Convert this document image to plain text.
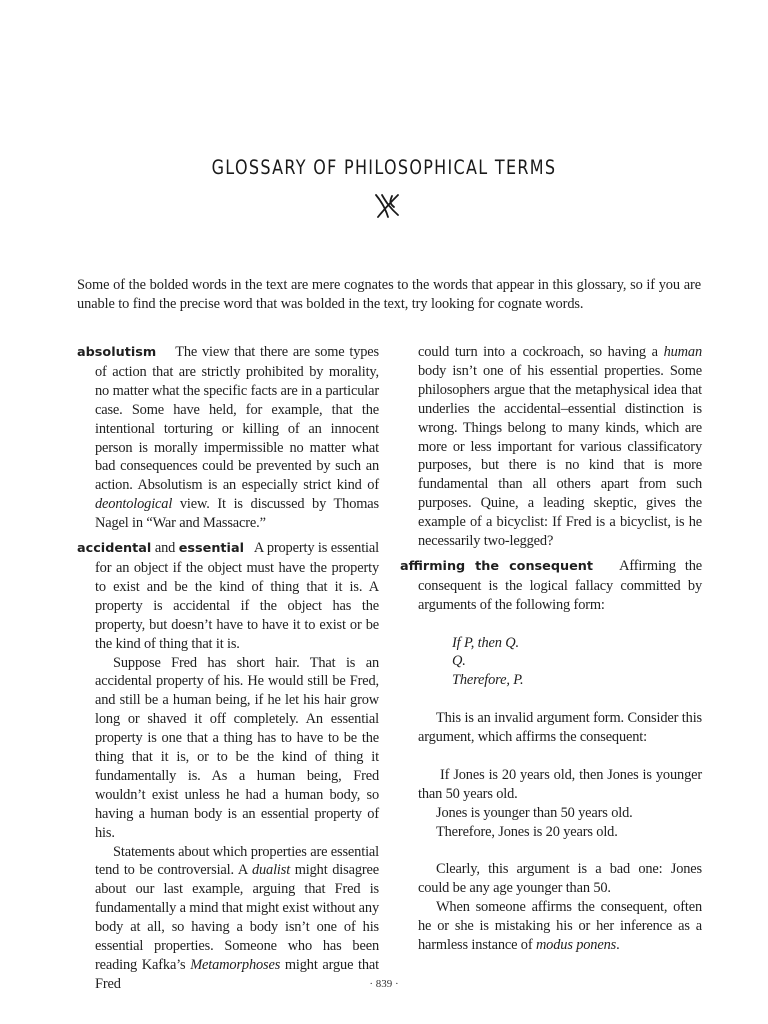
GLOSSARY OF PHILOSOPHICAL TERMS

Some of the bolded words in the text are mere cognates to the words that appear in this glossary, so if you are unable to find the precise word that was bolded in the text, try looking for cognate words.

absolutism The view that there are some types of action that are strictly prohibited by morality, no matter what the specific facts are in a particular case. Some have held, for example, that the intentional torturing or killing of an innocent person is morally impermissible no matter what bad consequences could be prevented by such an action. Absolutism is an especially strict kind of deontological view. It is discussed by Thomas Nagel in “War and Massacre.”

accidental and essential A property is essential for an object if the object must have the property to exist and be the kind of thing that it is. A property is accidental if the object has the property, but doesn’t have to have it to exist or be the kind of thing that it is.

Suppose Fred has short hair. That is an accidental property of his. He would still be Fred, and still be a human being, if he let his hair grow long or shaved it off completely. An essential property is one that a thing has to have to be the thing that it is, or to be the kind of thing it fundamentally is. As a human being, Fred wouldn’t exist unless he had a human body, so having a human body is an essential property of his.

Statements about which properties are essential tend to be controversial. A dualist might disagree about our last example, arguing that Fred is fundamentally a mind that might exist without any body at all, so having a body isn’t one of his essential properties. Someone who has been reading Kafka’s Metamorphoses might argue that Fred

could turn into a cockroach, so having a human body isn’t one of his essential properties. Some philosophers argue that the metaphysical idea that underlies the accidental–essential distinction is wrong. Things belong to many kinds, which are more or less important for various classificatory purposes, but there is no kind that is more fundamental than all others apart from such purposes. Quine, a leading skeptic, gives the example of a bicyclist: If Fred is a bicyclist, is he necessarily two-legged?

affirming the consequent Affirming the consequent is the logical fallacy committed by arguments of the following form:

If P, then Q.

Q.

Therefore, P.

This is an invalid argument form. Consider this argument, which affirms the consequent:

If Jones is 20 years old, then Jones is younger than 50 years old.

Jones is younger than 50 years old.

Therefore, Jones is 20 years old.

Clearly, this argument is a bad one: Jones could be any age younger than 50.

When someone affirms the consequent, often he or she is mistaking his or her inference as a harmless instance of modus ponens.

· 839 ·
